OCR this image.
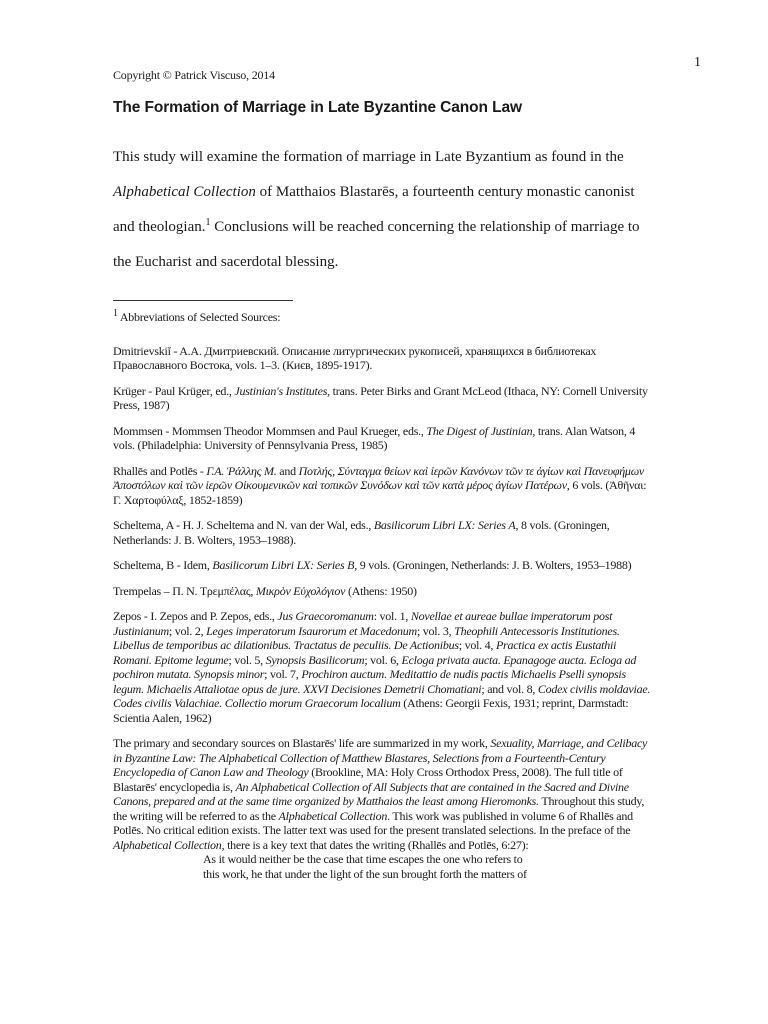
1
Copyright © Patrick Viscuso, 2014
The Formation of Marriage in Late Byzantine Canon Law
This study will examine the formation of marriage in Late Byzantium as found in the
Alphabetical Collection of Matthaios Blastarēs, a fourteenth century monastic canonist
and theologian.$^1$ Conclusions will be reached concerning the relationship of marriage to
the Eucharist and sacerdotal blessing.

$^1$ Abbreviations of Selected Sources:

Dmitrievskiĭ - A.A. Дмитриевский. Описание литургических рукописей, хранящихся в библиотеках Православного Востока, vols. 1–3. (Києв, 1895-1917).

Krüger - Paul Krüger, ed., Justinian's Institutes, trans. Peter Birks and Grant McLeod (Ithaca, NY: Cornell University Press, 1987)

Mommsen - Mommsen Theodor Mommsen and Paul Krueger, eds., The Digest of Justinian, trans. Alan Watson, 4 vols. (Philadelphia: University of Pennsylvania Press, 1985)

Rhallēs and Potlēs - Γ.Α. Ῥάλλης Μ. and Ποτλής, Σύνταγμα θείων καὶ ἱερῶν Κανόνων τῶν τε ἁγίων καὶ Πανευφήμων Ἀποστόλων καὶ τῶν ἱερῶν Οἰκουμενικῶν καὶ τοπικῶν Συνόδων καὶ τῶν κατὰ μέρος ἁγίων Πατέρων, 6 vols. (Ἀθῆναι: Γ. Χαρτοφύλαξ, 1852-1859)

Scheltema, A - H. J. Scheltema and N. van der Wal, eds., Basilicorum Libri LX: Series A, 8 vols. (Groningen, Netherlands: J. B. Wolters, 1953–1988).

Scheltema, B - Idem, Basilicorum Libri LX: Series B, 9 vols. (Groningen, Netherlands: J. B. Wolters, 1953–1988)

Trempelas – Π. Ν. Τρεμπέλας, Μικρὸν Εὐχολόγιον (Athens: 1950)

Zepos - I. Zepos and P. Zepos, eds., Jus Graecoromanum: vol. 1, Novellae et aureae bullae imperatorum post Justinianum; vol. 2, Leges imperatorum Isaurorum et Macedonum; vol. 3, Theophili Antecessoris Institutiones. Libellus de temporibus ac dilationibus. Tractatus de peculiis. De Actionibus; vol. 4, Practica ex actis Eustathii Romani. Epitome legume; vol. 5, Synopsis Basilicorum; vol. 6, Ecloga privata aucta. Epanagoge aucta. Ecloga ad pochiron mutata. Synopsis minor; vol. 7, Prochiron auctum. Meditattio de nudis pactis Michaelis Pselli synopsis legum. Michaelis Attaliotae opus de jure. XXVI Decisiones Demetrii Chomatiani; and vol. 8, Codex civilis moldaviae. Codes civilis Valachiae. Collectio morum Graecorum localium (Athens: Georgii Fexis, 1931; reprint, Darmstadt: Scientia Aalen, 1962)

The primary and secondary sources on Blastarēs' life are summarized in my work, Sexuality, Marriage, and Celibacy in Byzantine Law: The Alphabetical Collection of Matthew Blastares, Selections from a Fourteenth-Century Encyclopedia of Canon Law and Theology (Brookline, MA: Holy Cross Orthodox Press, 2008). The full title of Blastarēs' encyclopedia is, An Alphabetical Collection of All Subjects that are contained in the Sacred and Divine Canons, prepared and at the same time organized by Matthaios the least among Hieromonks. Throughout this study, the writing will be referred to as the Alphabetical Collection. This work was published in volume 6 of Rhallēs and Potlēs. No critical edition exists. The latter text was used for the present translated selections. In the preface of the Alphabetical Collection, there is a key text that dates the writing (Rhallēs and Potlēs, 6:27):

As it would neither be the case that time escapes the one who refers to
this work, he that under the light of the sun brought forth the matters of
